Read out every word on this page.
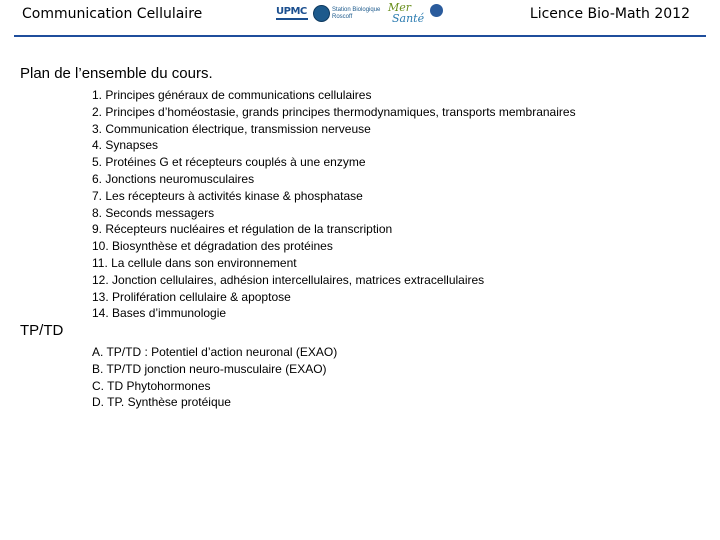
Communication Cellulaire	UPMC	Station Biologique
Roscoff
Mer
Santé	Licence Bio-Math 2012
Plan de l’ensemble du cours.
1. Principes généraux de communications cellulaires
2. Principes d’homéostasie, grands principes thermodynamiques, transports membranaires
3. Communication électrique, transmission nerveuse
4. Synapses
5. Protéines G et récepteurs couplés à une enzyme
6. Jonctions neuromusculaires
7. Les récepteurs à activités kinase & phosphatase
8. Seconds messagers
9. Récepteurs nucléaires et régulation de la transcription
10. Biosynthèse et dégradation des protéines
11. La cellule dans son environnement
12. Jonction cellulaires, adhésion intercellulaires, matrices extracellulaires
13. Prolifération cellulaire & apoptose
14. Bases d’immunologie
TP/TD
A. TP/TD : Potentiel d’action neuronal (EXAO)
B. TP/TD jonction neuro-musculaire (EXAO)
C. TD Phytohormones
D. TP. Synthèse protéique
